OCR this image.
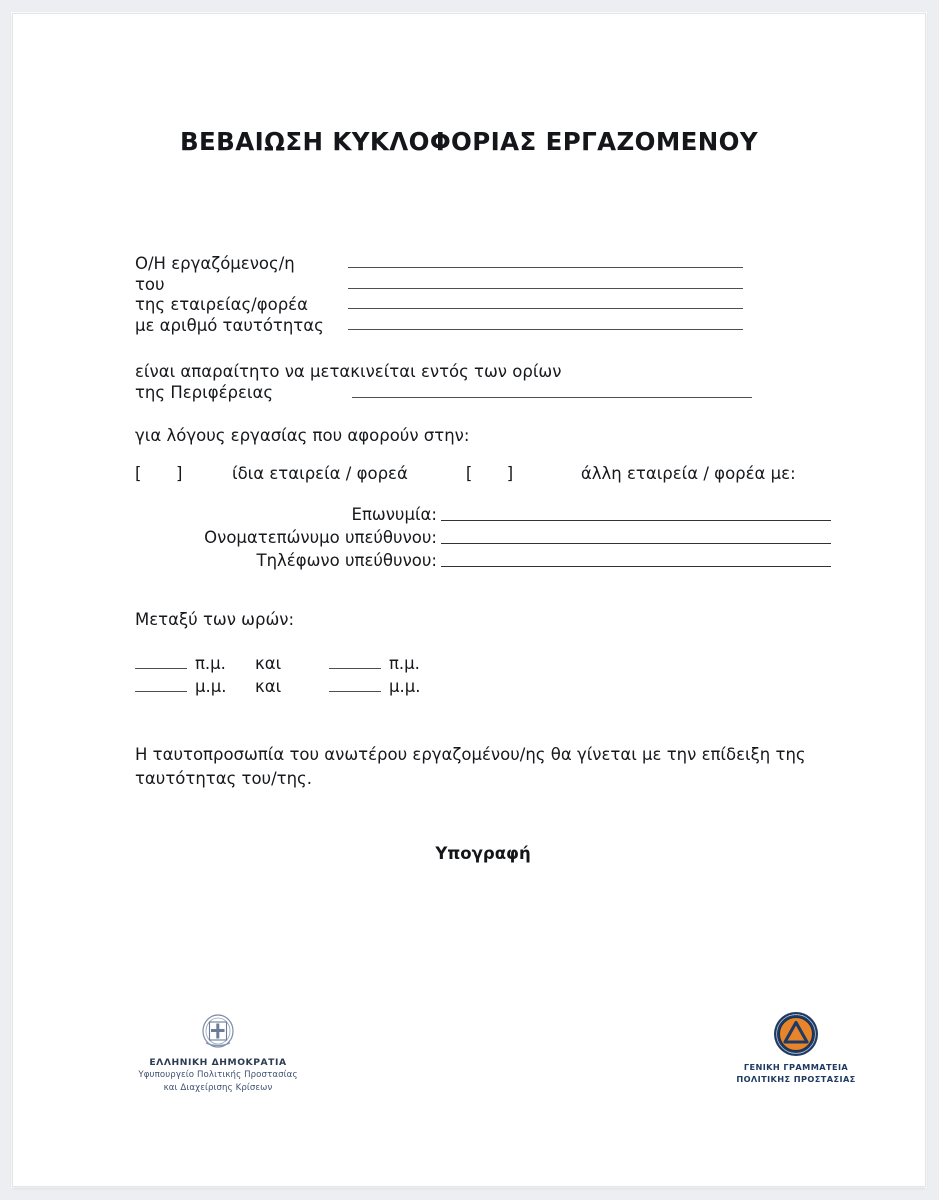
ΒΕΒΑΙΩΣΗ ΚΥΚΛΟΦΟΡΙΑΣ ΕΡΓΑΖΟΜΕΝΟΥ
Ο/Η εργαζόμενος/η
του
της εταιρείας/φορέα
με αριθμό ταυτότητας
είναι απαραίτητο να μετακινείται εντός των ορίων
της Περιφέρειας
για λόγους εργασίας που αφορούν στην:
[ ]	ίδια εταιρεία / φορεά	[ ]	άλλη εταιρεία / φορέα με:
Επωνυμία:
Ονοματεπώνυμο υπεύθυνου:
Τηλέφωνο υπεύθυνου:
Μεταξύ των ωρών:
π.μ.	και	π.μ.
μ.μ.	και	μ.μ.
Η ταυτοπροσωπία του ανωτέρου εργαζομένου/ης θα γίνεται με την επίδειξη της ταυτότητας του/της.
Υπογραφή
ΕΛΛΗΝΙΚΗ ΔΗΜΟΚΡΑΤΙΑ
Υφυπουργείο Πολιτικής Προστασίας
και Διαχείρισης Κρίσεων
· · · · · · ·
· · · · ·
ΓΕΝΙΚΗ ΓΡΑΜΜΑΤΕΙΑ
ΠΟΛΙΤΙΚΗΣ ΠΡΟΣΤΑΣΙΑΣ
